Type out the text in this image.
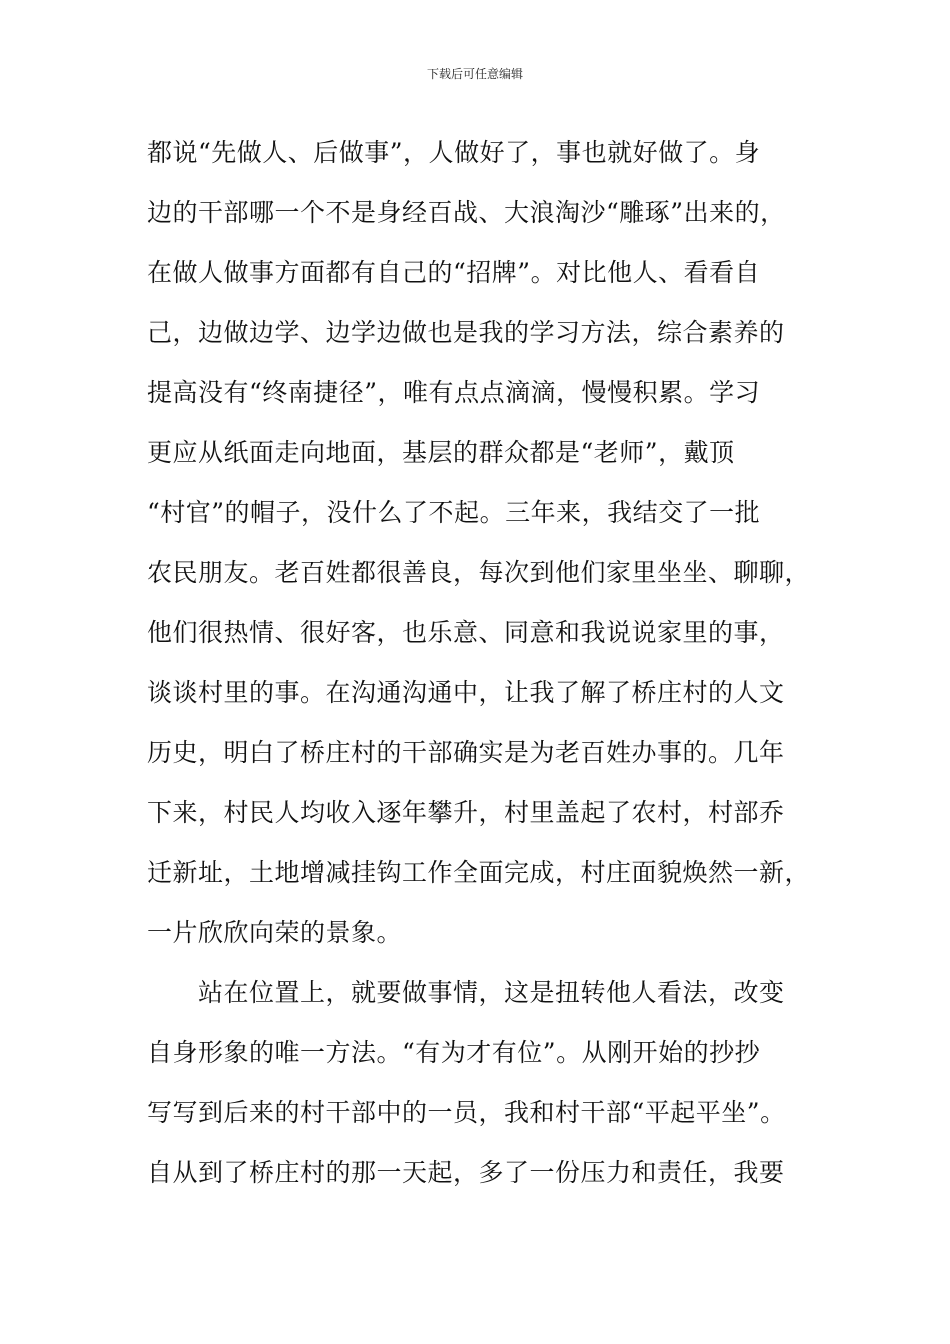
下载后可任意编辑
都说“先做人、后做事”，人做好了，事也就好做了。身
边的干部哪一个不是身经百战、大浪淘沙“雕琢”出来的，
在做人做事方面都有自己的“招牌”。对比他人、看看自
己，边做边学、边学边做也是我的学习方法，综合素养的
提高没有“终南捷径”，唯有点点滴滴，慢慢积累。学习
更应从纸面走向地面，基层的群众都是“老师”，戴顶
“村官”的帽子，没什么了不起。三年来，我结交了一批
农民朋友。老百姓都很善良，每次到他们家里坐坐、聊聊，
他们很热情、很好客，也乐意、同意和我说说家里的事，
谈谈村里的事。在沟通沟通中，让我了解了桥庄村的人文
历史，明白了桥庄村的干部确实是为老百姓办事的。几年
下来，村民人均收入逐年攀升，村里盖起了农村，村部乔
迁新址，土地增减挂钩工作全面完成，村庄面貌焕然一新，
一片欣欣向荣的景象。
　　站在位置上，就要做事情，这是扭转他人看法，改变
自身形象的唯一方法。“有为才有位”。从刚开始的抄抄
写写到后来的村干部中的一员，我和村干部“平起平坐”。
自从到了桥庄村的那一天起，多了一份压力和责任，我要
